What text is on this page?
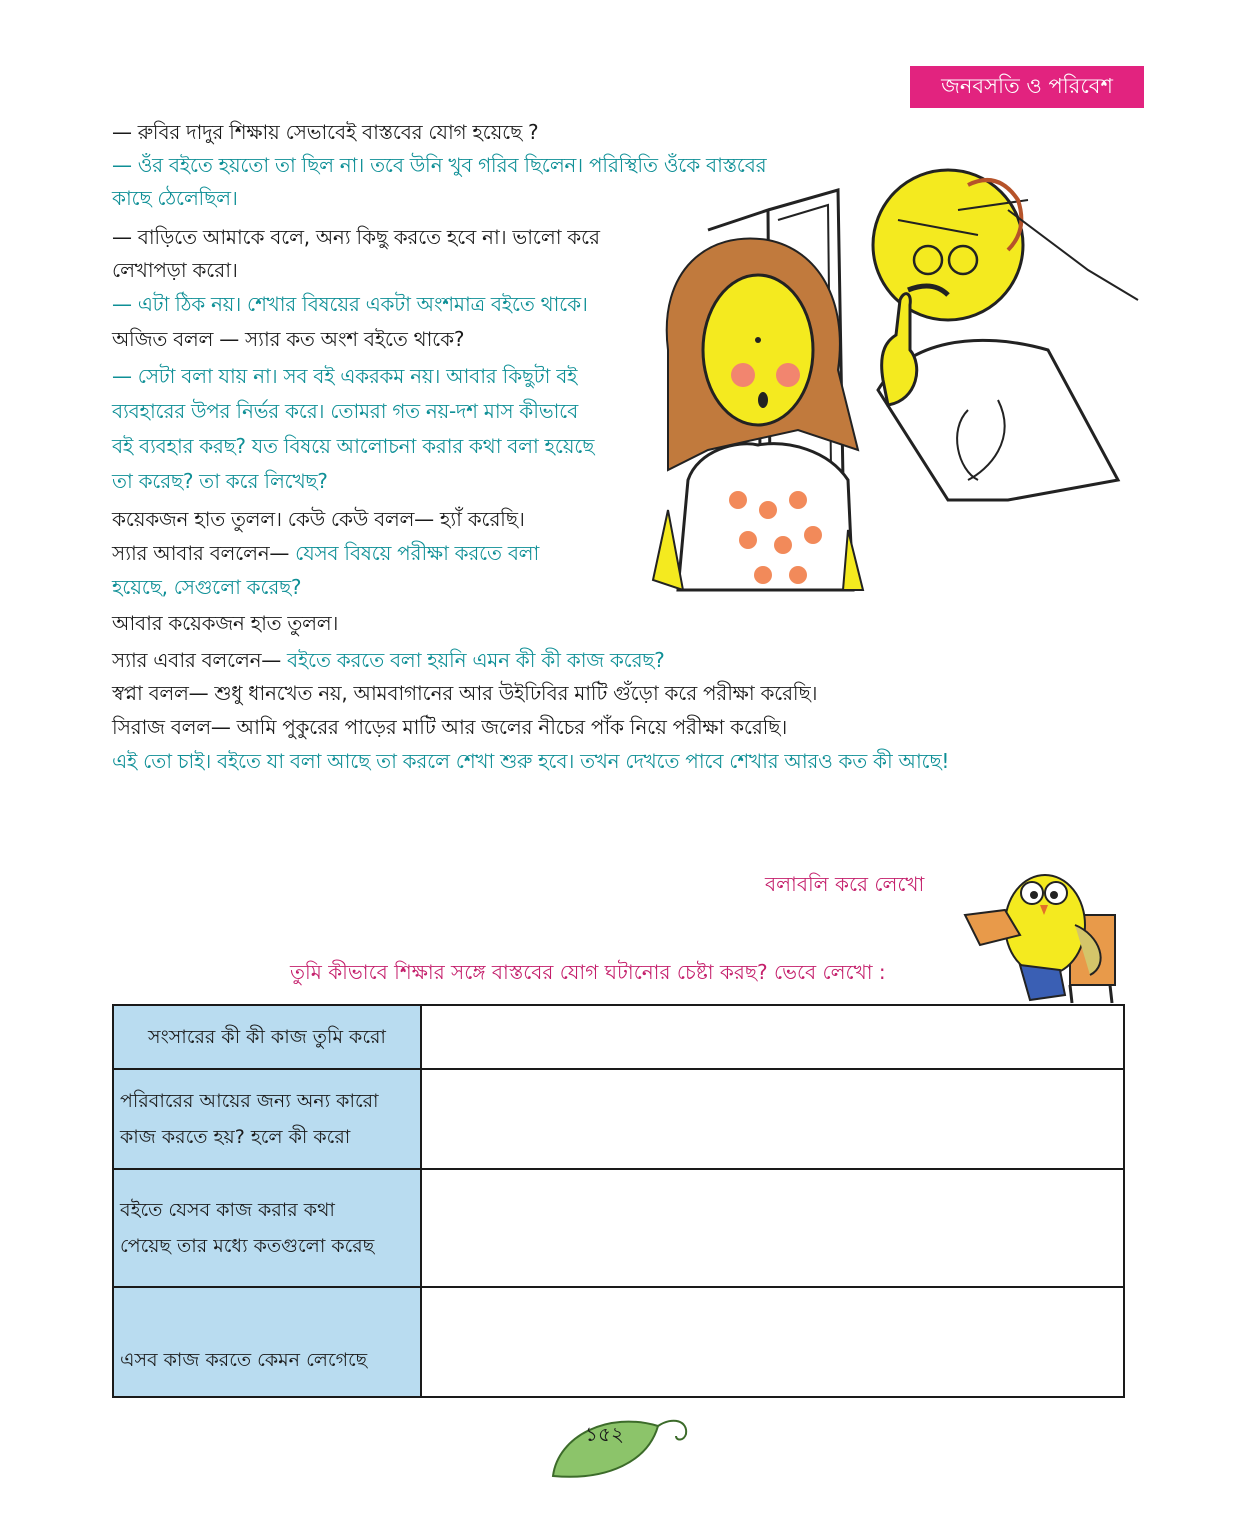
জনবসতি ও পরিবেশ
— রুবির দাদুর শিক্ষায় সেভাবেই বাস্তবের যোগ হয়েছে ?
— ওঁর বইতে হয়তো তা ছিল না। তবে উনি খুব গরিব ছিলেন। পরিস্থিতি ওঁকে বাস্তবের
কাছে ঠেলেছিল।
— বাড়িতে আমাকে বলে, অন্য কিছু করতে হবে না। ভালো করে
লেখাপড়া করো।
— এটা ঠিক নয়। শেখার বিষয়ের একটা অংশমাত্র বইতে থাকে।
অজিত বলল — স্যার কত অংশ বইতে থাকে?
— সেটা বলা যায় না। সব বই একরকম নয়। আবার কিছুটা বই
ব্যবহারের উপর নির্ভর করে। তোমরা গত নয়-দশ মাস কীভাবে
বই ব্যবহার করছ? যত বিষয়ে আলোচনা করার কথা বলা হয়েছে
তা করেছ? তা করে লিখেছ?
কয়েকজন হাত তুলল। কেউ কেউ বলল— হ্যাঁ করেছি।
স্যার আবার বললেন— যেসব বিষয়ে পরীক্ষা করতে বলা
হয়েছে, সেগুলো করেছ?
আবার কয়েকজন হাত তুলল।
স্যার এবার বললেন— বইতে করতে বলা হয়নি এমন কী কী কাজ করেছ?
স্বপ্না বলল— শুধু ধানখেত নয়, আমবাগানের আর উইঢিবির মাটি গুঁড়ো করে পরীক্ষা করেছি।
সিরাজ বলল— আমি পুকুরের পাড়ের মাটি আর জলের নীচের পাঁক নিয়ে পরীক্ষা করেছি।
এই তো চাই। বইতে যা বলা আছে তা করলে শেখা শুরু হবে। তখন দেখতে পাবে শেখার আরও কত কী আছে!
বলাবলি করে লেখো
তুমি কীভাবে শিক্ষার সঙ্গে বাস্তবের যোগ ঘটানোর চেষ্টা করছ? ভেবে লেখো :
সংসারের কী কী কাজ তুমি করো	

পরিবারের আয়ের জন্য অন্য কারো
কাজ করতে হয়? হলে কী করো	

বইতে যেসব কাজ করার কথা
পেয়েছ তার মধ্যে কতগুলো করেছ	

এসব কাজ করতে কেমন লেগেছে	

১৫২
